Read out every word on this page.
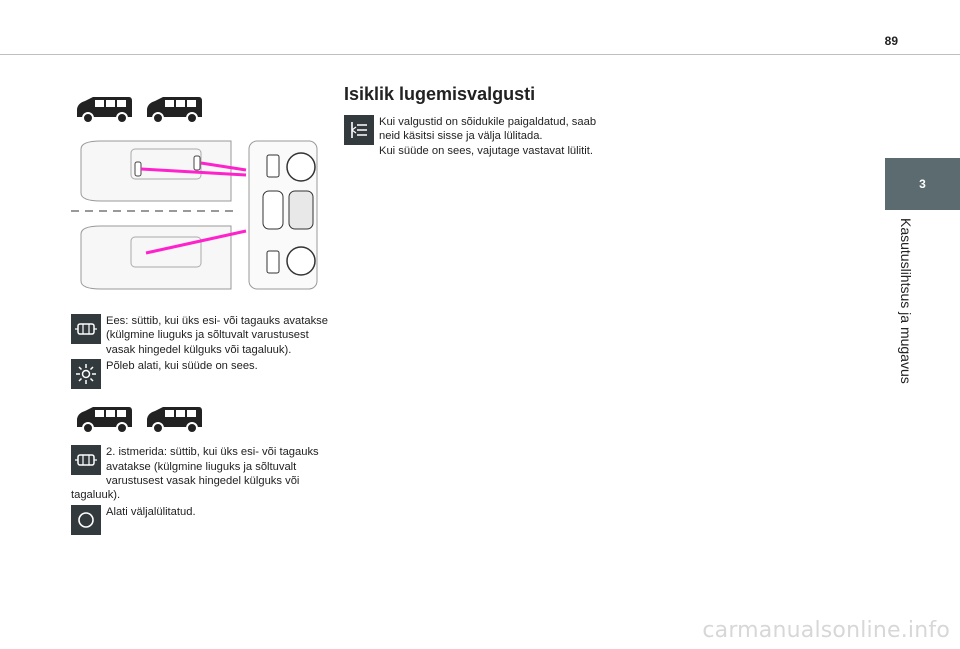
89
3
Kasutuslihtsus ja mugavus

Ees: süttib, kui üks esi- või tagauks avatakse (külgmine liuguks ja sõltuvalt varustusest vasak hingedel külguks või tagaluuk).

Põleb alati, kui süüde on sees.

2. istmerida: süttib, kui üks esi- või tagauks avatakse (külgmine liuguks ja sõltuvalt varustusest vasak hingedel külguks või tagaluuk).

Alati väljalülitatud.

Isiklik lugemisvalgusti

Kui valgustid on sõidukile paigaldatud, saab neid käsitsi sisse ja välja lülitada.

Kui süüde on sees, vajutage vastavat lülitit.

carmanualsonline.info
